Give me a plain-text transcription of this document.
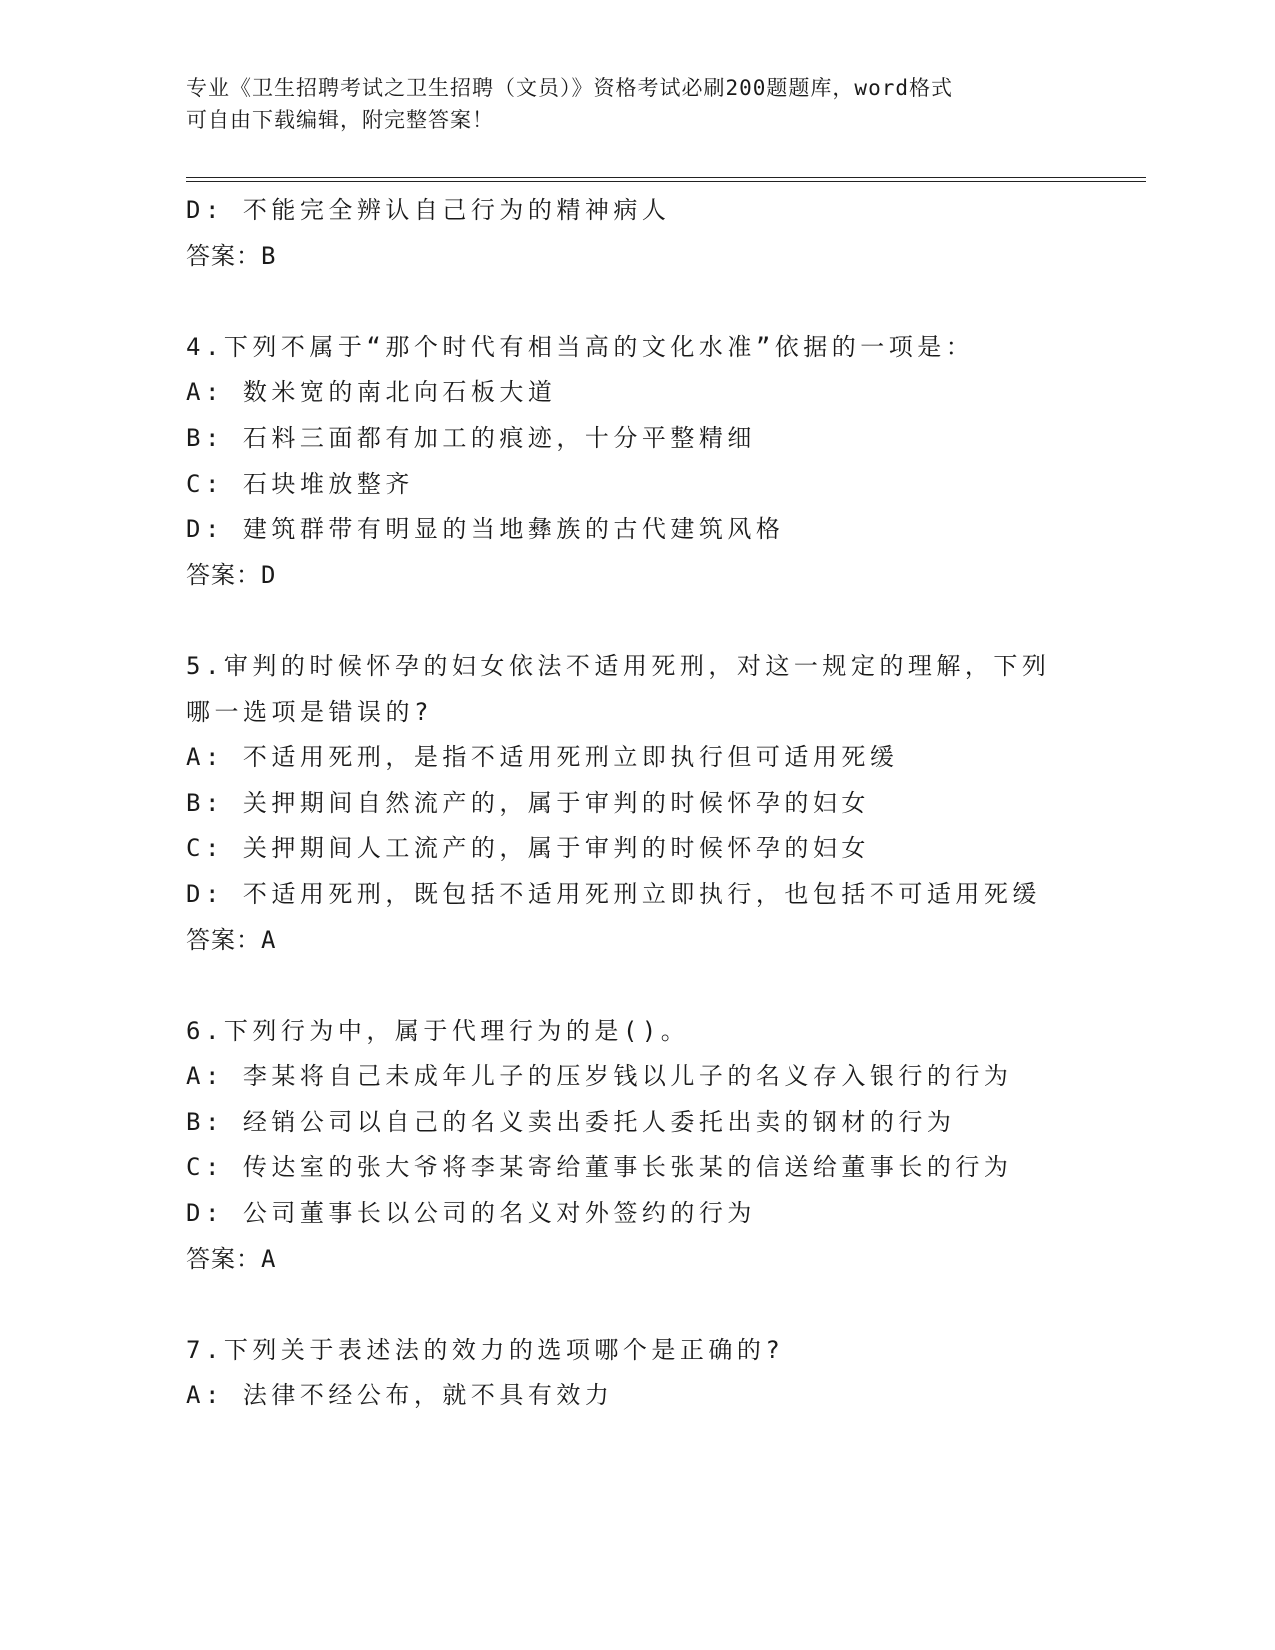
专业《卫生招聘考试之卫生招聘（文员）》资格考试必刷200题题库，word格式
可自由下载编辑，附完整答案！
D: 不能完全辨认自己行为的精神病人
答案：B
4.下列不属于“那个时代有相当高的文化水准”依据的一项是：
A: 数米宽的南北向石板大道
B: 石料三面都有加工的痕迹，十分平整精细
C: 石块堆放整齐
D: 建筑群带有明显的当地彝族的古代建筑风格
答案：D
5.审判的时候怀孕的妇女依法不适用死刑，对这一规定的理解，下列
哪一选项是错误的?
A: 不适用死刑，是指不适用死刑立即执行但可适用死缓
B: 关押期间自然流产的，属于审判的时候怀孕的妇女
C: 关押期间人工流产的，属于审判的时候怀孕的妇女
D: 不适用死刑，既包括不适用死刑立即执行，也包括不可适用死缓
答案：A
6.下列行为中，属于代理行为的是()。
A: 李某将自己未成年儿子的压岁钱以儿子的名义存入银行的行为
B: 经销公司以自己的名义卖出委托人委托出卖的钢材的行为
C: 传达室的张大爷将李某寄给董事长张某的信送给董事长的行为
D: 公司董事长以公司的名义对外签约的行为
答案：A
7.下列关于表述法的效力的选项哪个是正确的?
A: 法律不经公布，就不具有效力
